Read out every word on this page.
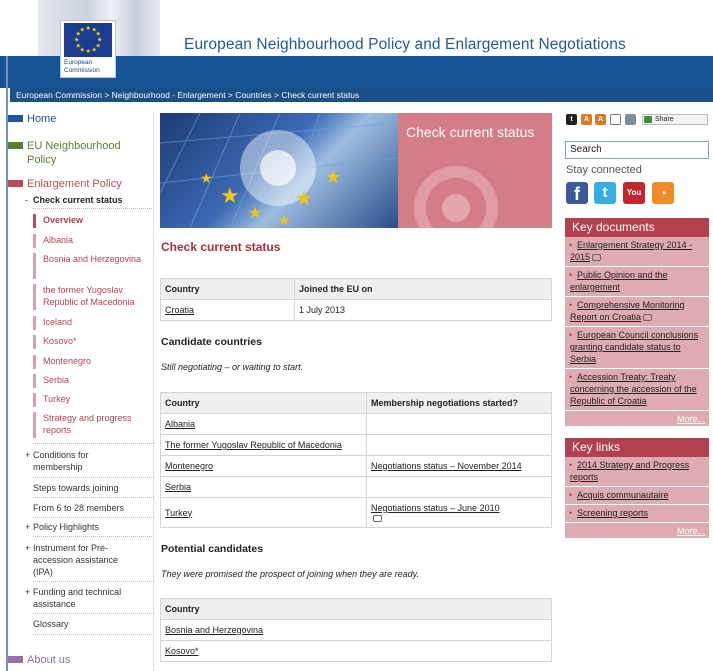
European Neighbourhood Policy and Enlargement Negotiations
★ ★
★
★
★
★
★
★
★
★
★
★
European
Commission
European Commission > Neighbourhood - Enlargement > Countries > Check current status
Home
EU Neighbourhood Policy
Enlargement Policy
- Check current status
Overview
Albania
Bosnia and Herzegovina
the former Yugoslav Republic of Macedonia
Iceland
Kosovo*
Montenegro
Serbia
Turkey
Strategy and progress reports
+ Conditions for membership
Steps towards joining
From 6 to 28 members
+ Policy Highlights
+ Instrument for Pre-accession assistance (IPA)
+ Funding and technical assistance
Glossary
About us
★
★
★
★
★
★
Check current status
Check current status
Country	Joined the EU on
Croatia	1 July 2013
Candidate countries
Still negotiating – or waiting to start.
Country	Membership negotiations started?
Albania	
The former Yugoslav Republic of Macedonia	
Montenegro	Negotiations status – November 2014
Serbia	
Turkey	Negotiations status – June 2010

Potential candidates
They were promised the prospect of joining when they are ready.
Country
Bosnia and Herzegovina
Kosovo*
t	A	A	Share
Search
Stay connected
f	t	You	◔
Key documents
• Enlargement Strategy 2014 - 2015
• Public Opinion and the enlargement
• Comprehensive Monitoring Report on Croatia
• European Council conclusions granting candidate status to Serbia
• Accession Treaty: Treaty concerning the accession of the Republic of Croatia
More...
Key links
• 2014 Strategy and Progress reports
• Acquis communautaire
• Screening reports
More...
